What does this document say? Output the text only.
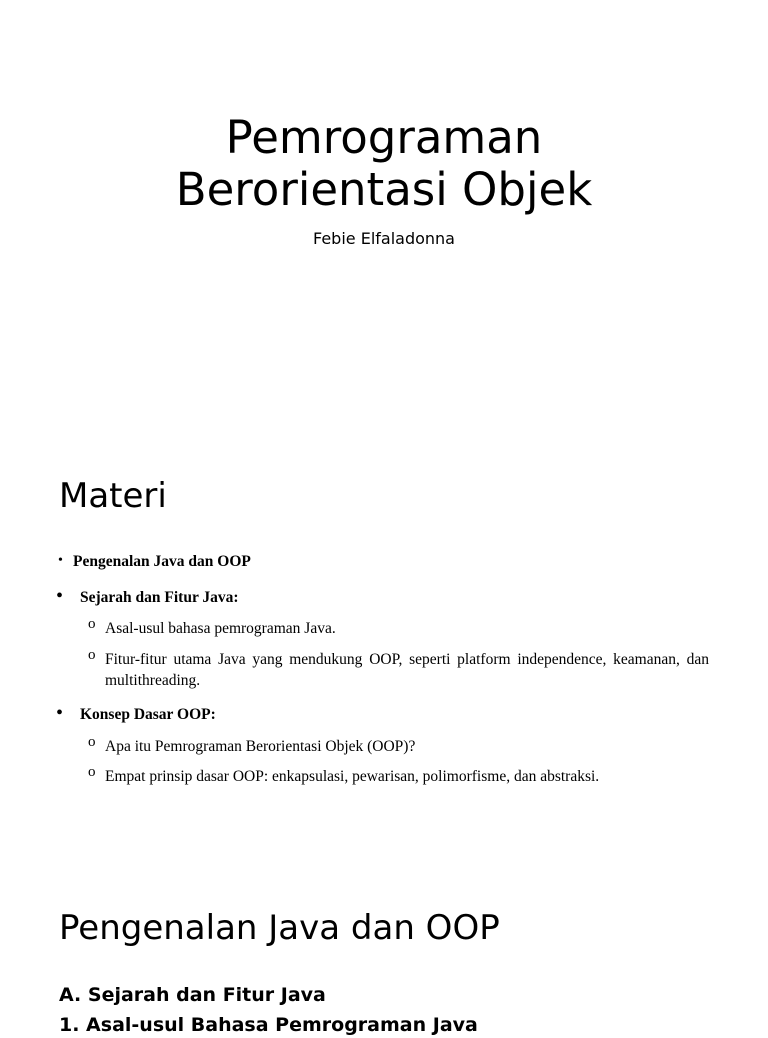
Pemrograman
Berorientasi Objek
Febie Elfaladonna
Materi
• Pengenalan Java dan OOP
• Sejarah dan Fitur Java:
o Asal-usul bahasa pemrograman Java.
o Fitur-fitur utama Java yang mendukung OOP, seperti platform independence, keamanan, dan
multithreading.
• Konsep Dasar OOP:
o Apa itu Pemrograman Berorientasi Objek (OOP)?
o Empat prinsip dasar OOP: enkapsulasi, pewarisan, polimorfisme, dan abstraksi.
Pengenalan Java dan OOP
A. Sejarah dan Fitur Java
1. Asal-usul Bahasa Pemrograman Java
